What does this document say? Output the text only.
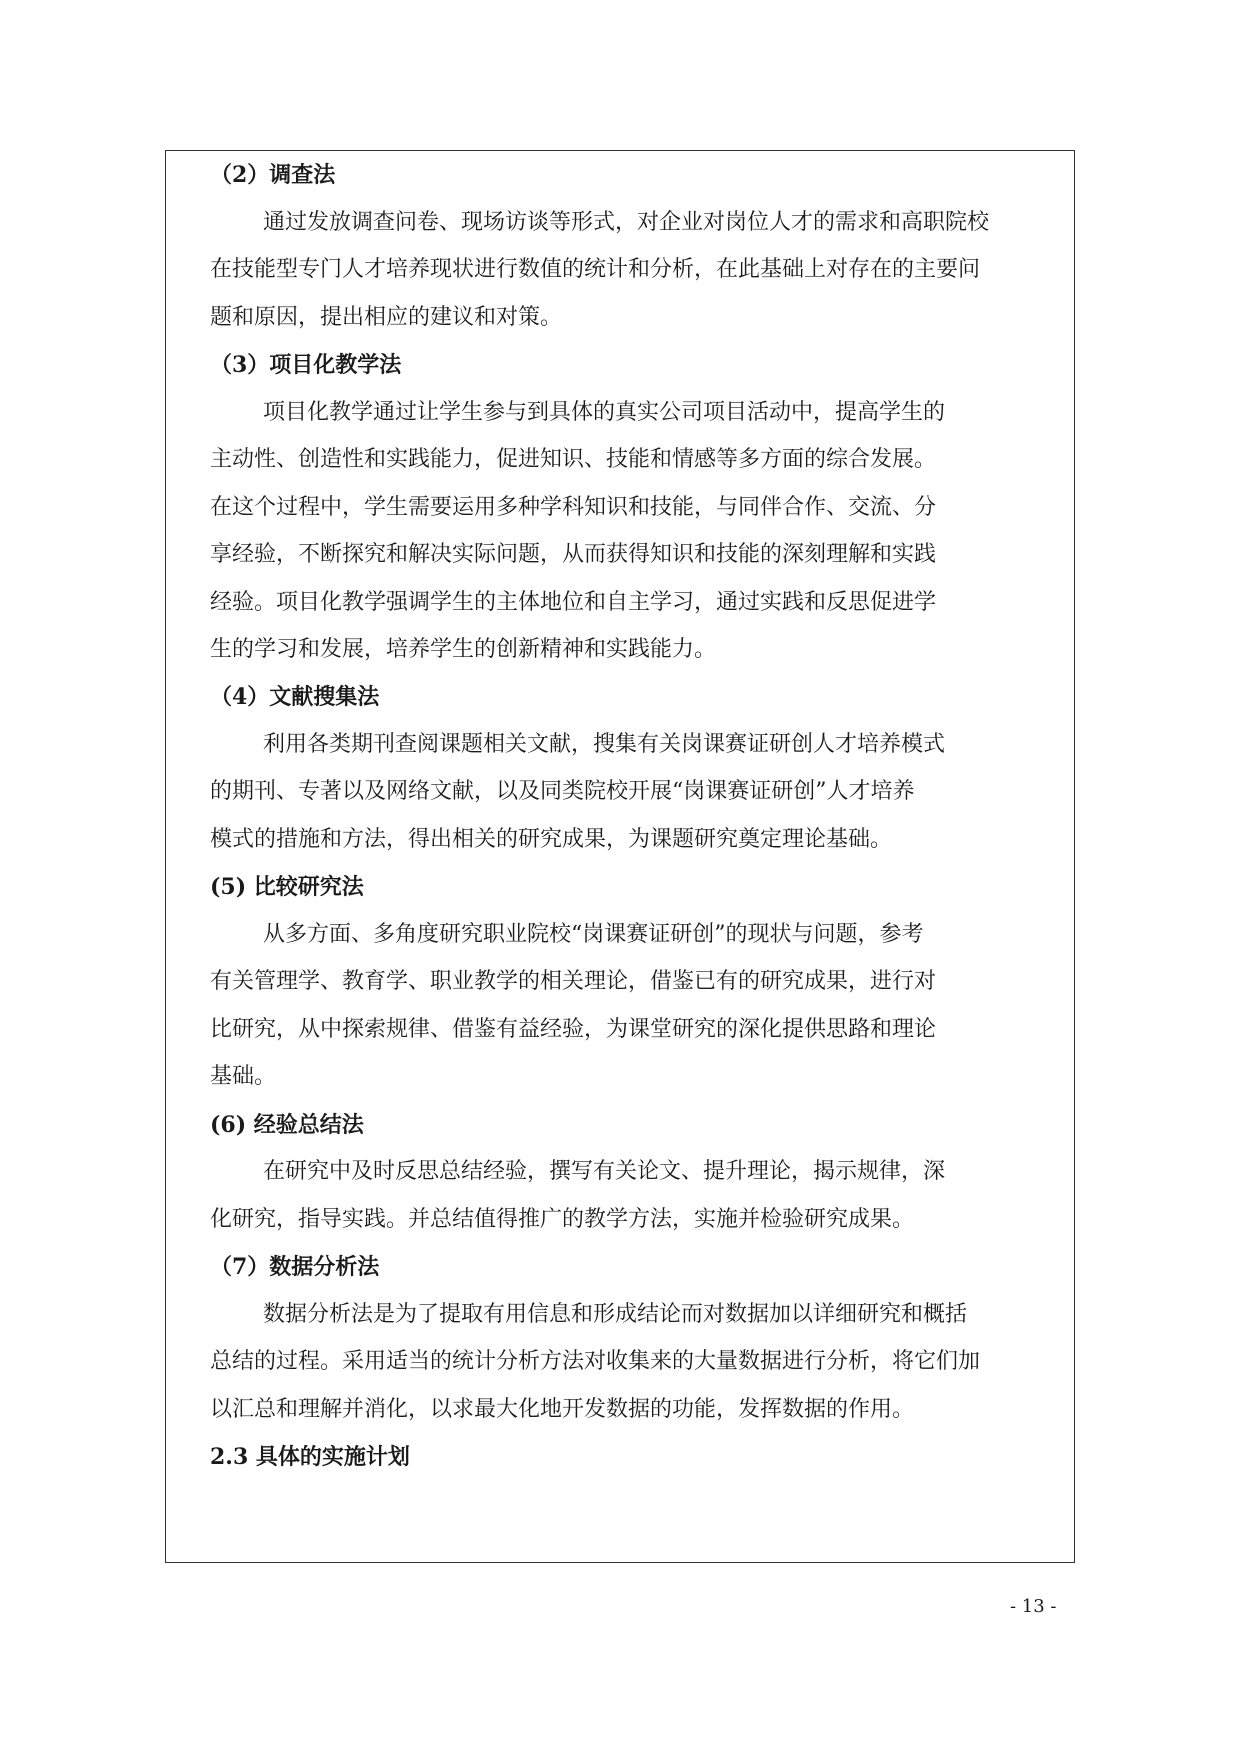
（2）调查法
通过发放调查问卷、现场访谈等形式，对企业对岗位人才的需求和高职院校
在技能型专门人才培养现状进行数值的统计和分析，在此基础上对存在的主要问
题和原因，提出相应的建议和对策。
（3）项目化教学法
项目化教学通过让学生参与到具体的真实公司项目活动中，提高学生的
主动性、创造性和实践能力，促进知识、技能和情感等多方面的综合发展。
在这个过程中，学生需要运用多种学科知识和技能，与同伴合作、交流、分
享经验，不断探究和解决实际问题，从而获得知识和技能的深刻理解和实践
经验。项目化教学强调学生的主体地位和自主学习，通过实践和反思促进学
生的学习和发展，培养学生的创新精神和实践能力。
（4）文献搜集法
利用各类期刊查阅课题相关文献，搜集有关岗课赛证研创人才培养模式
的期刊、专著以及网络文献，以及同类院校开展“岗课赛证研创”人才培养
模式的措施和方法，得出相关的研究成果，为课题研究奠定理论基础。
(5) 比较研究法
从多方面、多角度研究职业院校“岗课赛证研创”的现状与问题，参考
有关管理学、教育学、职业教学的相关理论，借鉴已有的研究成果，进行对
比研究，从中探索规律、借鉴有益经验，为课堂研究的深化提供思路和理论
基础。
(6) 经验总结法
在研究中及时反思总结经验，撰写有关论文、提升理论，揭示规律，深
化研究，指导实践。并总结值得推广的教学方法，实施并检验研究成果。
（7）数据分析法
数据分析法是为了提取有用信息和形成结论而对数据加以详细研究和概括
总结的过程。采用适当的统计分析方法对收集来的大量数据进行分析，将它们加
以汇总和理解并消化，以求最大化地开发数据的功能，发挥数据的作用。
2.3 具体的实施计划
- 13 -
